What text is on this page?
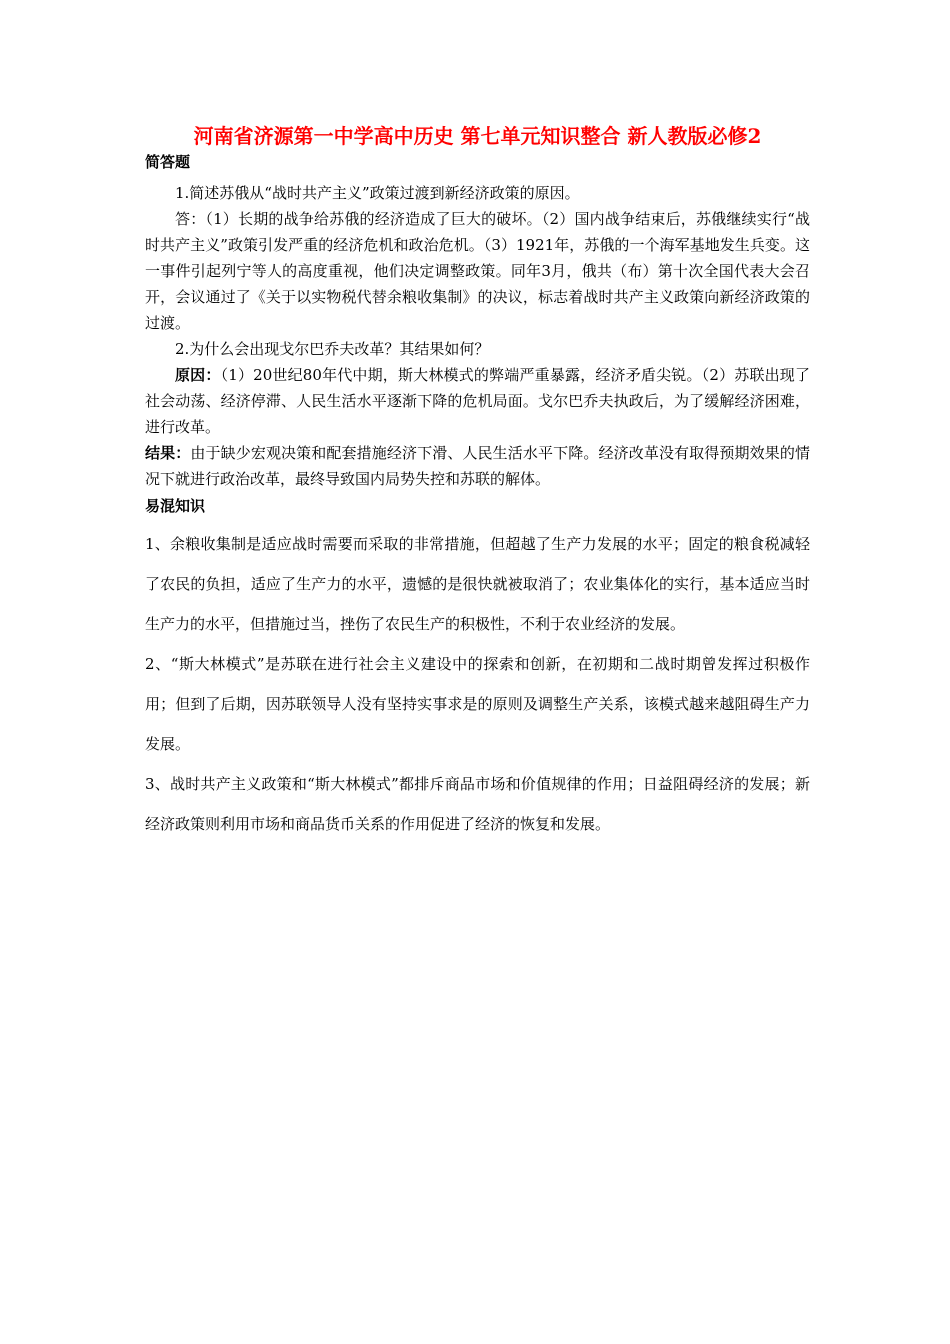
河南省济源第一中学高中历史 第七单元知识整合 新人教版必修2
简答题

1.简述苏俄从“战时共产主义”政策过渡到新经济政策的原因。

答：（1）长期的战争给苏俄的经济造成了巨大的破坏。（2）国内战争结束后，苏俄继续实行“战时共产主义”政策引发严重的经济危机和政治危机。（3）1921年，苏俄的一个海军基地发生兵变。这一事件引起列宁等人的高度重视，他们决定调整政策。同年3月，俄共（布）第十次全国代表大会召开，会议通过了《关于以实物税代替余粮收集制》的决议，标志着战时共产主义政策向新经济政策的过渡。

2.为什么会出现戈尔巴乔夫改革？其结果如何？

原因：（1）20世纪80年代中期，斯大林模式的弊端严重暴露，经济矛盾尖锐。（2）苏联出现了社会动荡、经济停滞、人民生活水平逐渐下降的危机局面。戈尔巴乔夫执政后，为了缓解经济困难，进行改革。

结果：由于缺少宏观决策和配套措施经济下滑、人民生活水平下降。经济改革没有取得预期效果的情况下就进行政治改革，最终导致国内局势失控和苏联的解体。

易混知识

1、余粮收集制是适应战时需要而采取的非常措施，但超越了生产力发展的水平；固定的粮食税减轻了农民的负担，适应了生产力的水平，遗憾的是很快就被取消了；农业集体化的实行，基本适应当时生产力的水平，但措施过当，挫伤了农民生产的积极性，不利于农业经济的发展。

2、“斯大林模式”是苏联在进行社会主义建设中的探索和创新，在初期和二战时期曾发挥过积极作用；但到了后期，因苏联领导人没有坚持实事求是的原则及调整生产关系，该模式越来越阻碍生产力发展。

3、战时共产主义政策和“斯大林模式”都排斥商品市场和价值规律的作用；日益阻碍经济的发展；新经济政策则利用市场和商品货币关系的作用促进了经济的恢复和发展。
